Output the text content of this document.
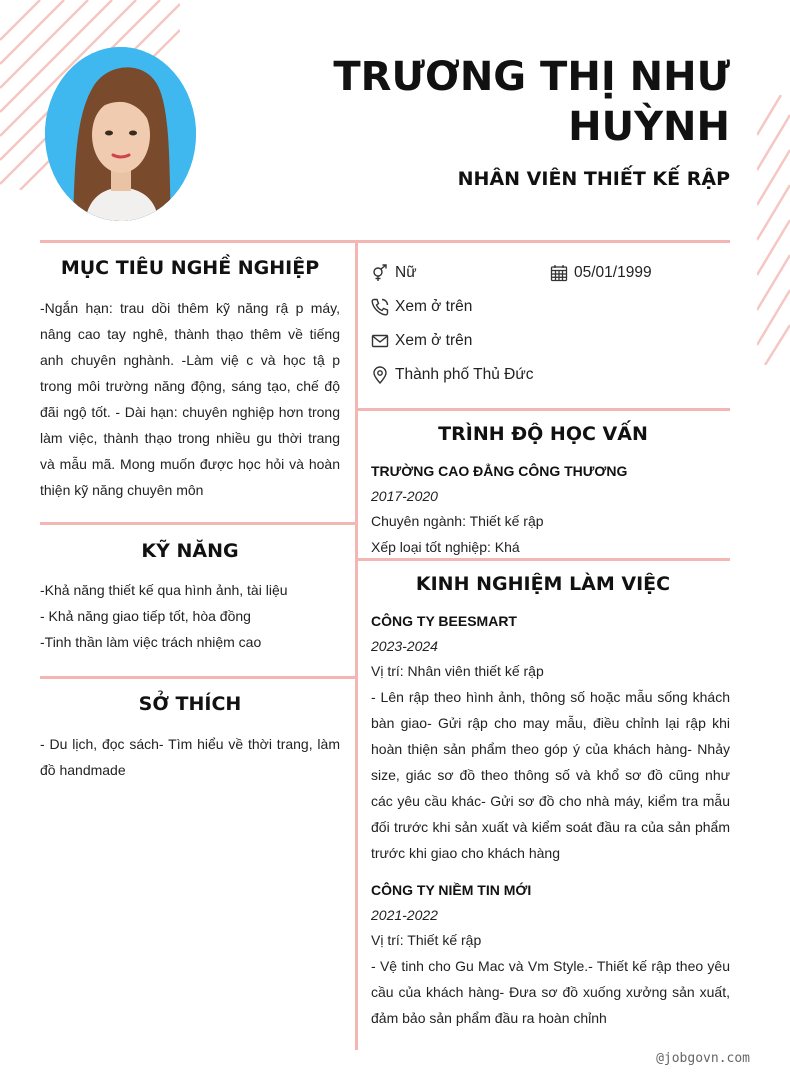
TRƯƠNG THỊ NHƯ
HUỲNH
NHÂN VIÊN THIẾT KẾ RẬP
MỤC TIÊU NGHỀ NGHIỆP
-Ngắn hạn: trau dồi thêm kỹ năng rậ p máy, nâng cao tay nghê, thành thạo thêm về tiếng anh chuyên nghành. -Làm việ c và học tậ p trong môi trường năng động, sáng tạo, chế độ đãi ngộ tốt. - Dài hạn: chuyên nghiệp hơn trong làm việc, thành thạo trong nhiều gu thời trang và mẫu mã. Mong muốn được học hỏi và hoàn thiện kỹ năng chuyên môn
KỸ NĂNG
-Khả năng thiết kế qua hình ảnh, tài liệu
- Khả năng giao tiếp tốt, hòa đồng
-Tinh thần làm việc trách nhiệm cao
SỞ THÍCH
- Du lịch, đọc sách- Tìm hiểu về thời trang, làm đồ handmade
Nữ	05/01/1999
Xem ở trên
Xem ở trên
Thành phố Thủ Đức
TRÌNH ĐỘ HỌC VẤN
TRƯỜNG CAO ĐẲNG CÔNG THƯƠNG
2017-2020
Chuyên ngành: Thiết kế rập
Xếp loại tốt nghiệp: Khá
KINH NGHIỆM LÀM VIỆC
CÔNG TY BEESMART
2023-2024
Vị trí: Nhân viên thiết kế rập
- Lên rập theo hình ảnh, thông số hoặc mẫu sống khách bàn giao- Gửi rập cho may mẫu, điều chỉnh lại rập khi hoàn thiện sản phẩm theo góp ý của khách hàng- Nhảy size, giác sơ đồ theo thông số và khổ sơ đồ cũng như các yêu cầu khác- Gửi sơ đồ cho nhà máy, kiểm tra mẫu đối trước khi sản xuất và kiểm soát đầu ra của sản phẩm trước khi giao cho khách hàng
CÔNG TY NIỀM TIN MỚI
2021-2022
Vị trí: Thiết kế rập
- Vệ tinh cho Gu Mac và Vm Style.- Thiết kế rập theo yêu cầu của khách hàng- Đưa sơ đồ xuống xưởng sản xuất, đảm bảo sản phẩm đầu ra hoàn chỉnh
@jobgovn.com
